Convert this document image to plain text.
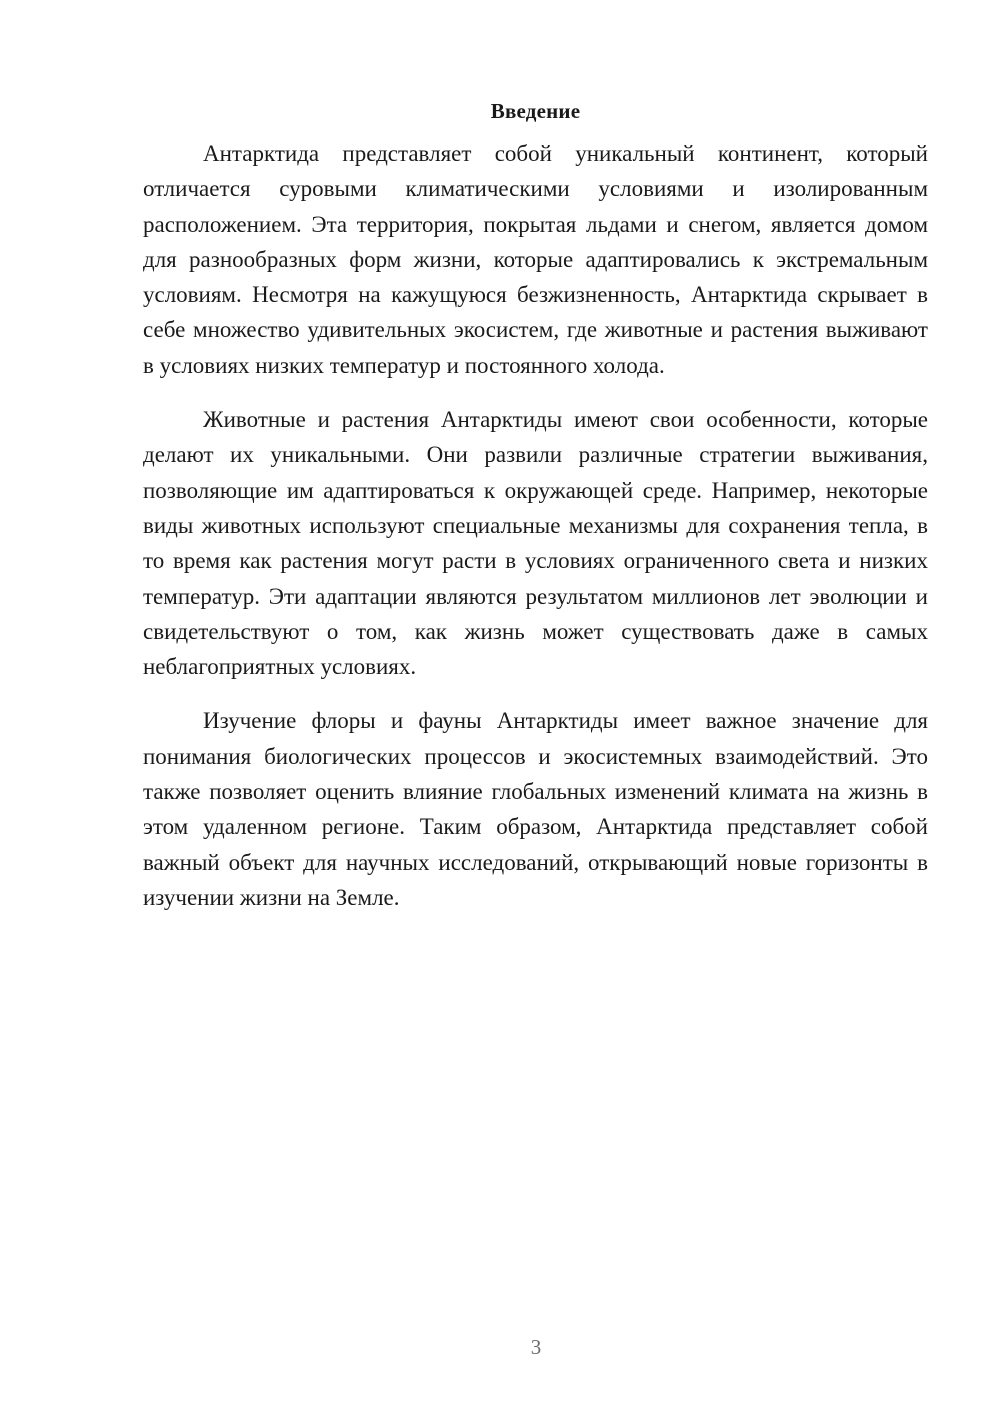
Введение

Антарктида представляет собой уникальный континент, который отличается суровыми климатическими условиями и изолированным расположением. Эта территория, покрытая льдами и снегом, является домом для разнообразных форм жизни, которые адаптировались к экстремальным условиям. Несмотря на кажущуюся безжизненность, Антарктида скрывает в себе множество удивительных экосистем, где животные и растения выживают в условиях низких температур и постоянного холода.

Животные и растения Антарктиды имеют свои особенности, которые делают их уникальными. Они развили различные стратегии выживания, позволяющие им адаптироваться к окружающей среде. Например, некоторые виды животных используют специальные механизмы для сохранения тепла, в то время как растения могут расти в условиях ограниченного света и низких температур. Эти адаптации являются результатом миллионов лет эволюции и свидетельствуют о том, как жизнь может существовать даже в самых неблагоприятных условиях.

Изучение флоры и фауны Антарктиды имеет важное значение для понимания биологических процессов и экосистемных взаимодействий. Это также позволяет оценить влияние глобальных изменений климата на жизнь в этом удаленном регионе. Таким образом, Антарктида представляет собой важный объект для научных исследований, открывающий новые горизонты в изучении жизни на Земле.

3
